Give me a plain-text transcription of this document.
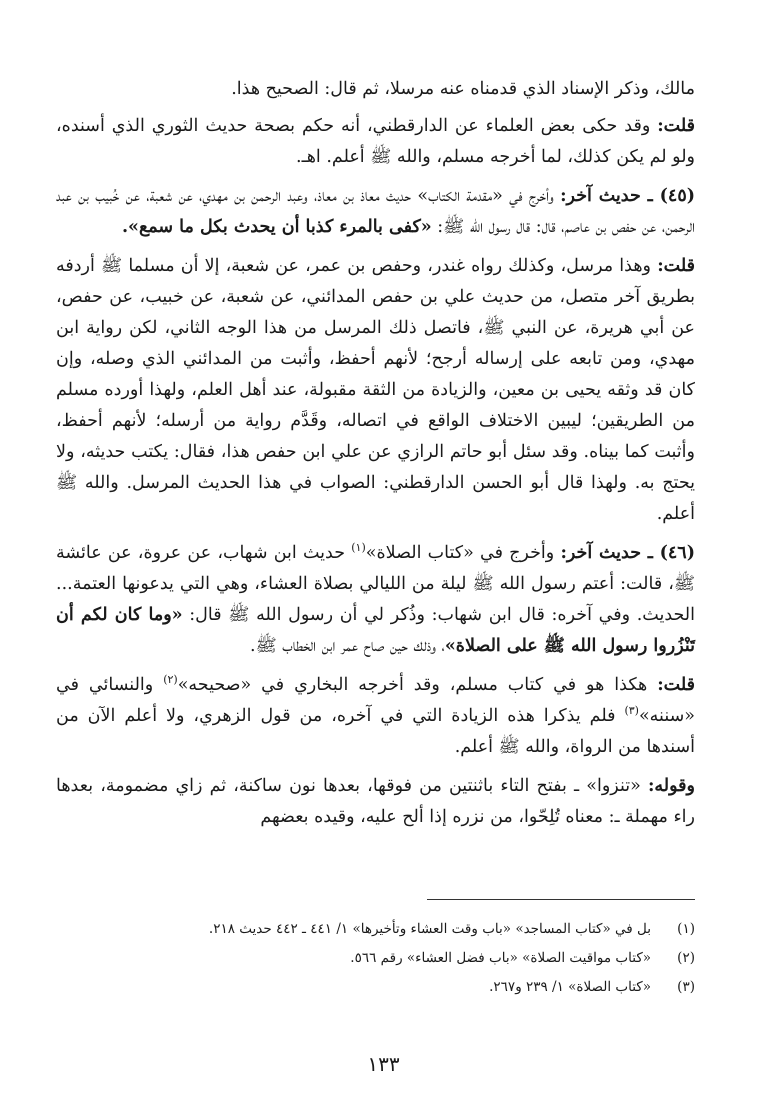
مالك، وذكر الإسناد الذي قدمناه عنه مرسلا، ثم قال: الصحيح هذا.

قلت: وقد حكى بعض العلماء عن الدارقطني، أنه حكم بصحة حديث الثوري الذي أسنده، ولو لم يكن كذلك، لما أخرجه مسلم، والله ﷺ أعلم. اهـ.

(٤٥) ـ حديث آخر: وأخرج في «مقدمة الكتاب» حديث معاذ بن معاذ، وعبد الرحمن بن مهدي، عن شعبة، عن خُبيب بن عبد الرحمن، عن حفص بن عاصم، قال: قال رسول الله ﷺ: «كفى بالمرء كذبا أن يحدث بكل ما سمع».

قلت: وهذا مرسل، وكذلك رواه غندر، وحفص بن عمر، عن شعبة، إلا أن مسلما ﷺ أردفه بطريق آخر متصل، من حديث علي بن حفص المدائني، عن شعبة، عن خبيب، عن حفص، عن أبي هريرة، عن النبي ﷺ، فاتصل ذلك المرسل من هذا الوجه الثاني، لكن رواية ابن مهدي، ومن تابعه على إرساله أرجح؛ لأنهم أحفظ، وأثبت من المدائني الذي وصله، وإن كان قد وثقه يحيى بن معين، والزيادة من الثقة مقبولة، عند أهل العلم، ولهذا أورده مسلم من الطريقين؛ ليبين الاختلاف الواقع في اتصاله، وقَدَّم رواية من أرسله؛ لأنهم أحفظ، وأثبت كما بيناه. وقد سئل أبو حاتم الرازي عن علي ابن حفص هذا، فقال: يكتب حديثه، ولا يحتج به. ولهذا قال أبو الحسن الدارقطني: الصواب في هذا الحديث المرسل. والله ﷺ أعلم.

(٤٦) ـ حديث آخر: وأخرج في «كتاب الصلاة»$^{(١)}$ حديث ابن شهاب، عن عروة، عن عائشة ﷺ، قالت: أعتم رسول الله ﷺ ليلة من الليالي بصلاة العشاء، وهي التي يدعونها العتمة... الحديث. وفي آخره: قال ابن شهاب: وذُكر لي أن رسول الله ﷺ قال: «وما كان لكم أن تَنْزُروا رسول الله ﷺ على الصلاة»، وذلك حين صاح عمر ابن الخطاب ﷺ.

قلت: هكذا هو في كتاب مسلم، وقد أخرجه البخاري في «صحيحه»$^{(٢)}$ والنسائي في «سننه»$^{(٣)}$ فلم يذكرا هذه الزيادة التي في آخره، من قول الزهري، ولا أعلم الآن من أسندها من الرواة، والله ﷺ أعلم.

وقوله: «تنزوا» ـ بفتح التاء باثنتين من فوقها، بعدها نون ساكنة، ثم زاي مضمومة، بعدها راء مهملة ـ: معناه تُلِحّوا، من نزره إذا ألح عليه، وقيده بعضهم

(١)
بل في «كتاب المساجد» «باب وقت العشاء وتأخيرها» ١/ ٤٤١ ـ ٤٤٢ حديث ٢١٨.
(٢)
«كتاب مواقيت الصلاة» «باب فضل العشاء» رقم ٥٦٦.
(٣)
«كتاب الصلاة» ١/ ٢٣٩ و٢٦٧.
١٣٣
